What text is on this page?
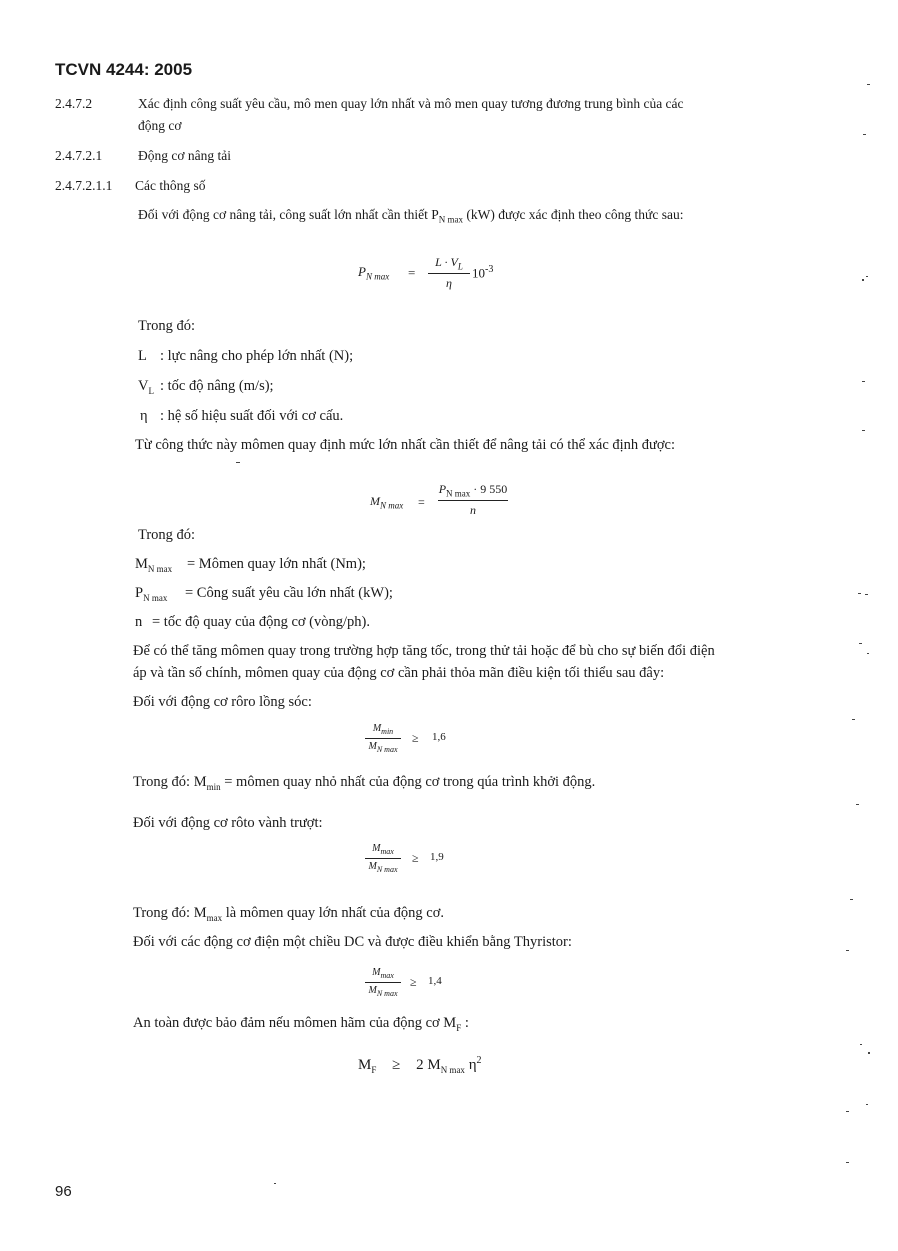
TCVN 4244: 2005
2.4.7.2	Xác định công suất yêu cầu, mô men quay lớn nhất và mô men quay tương đương trung bình của các
động cơ
2.4.7.2.1	Động cơ nâng tải
2.4.7.2.1.1 Các thông số
Đối với động cơ nâng tải, công suất lớn nhất cần thiết $P_{N max}$ (kW) được xác định theo công thức sau:
$P_{N max}$ =
$L \cdot V_L$
η
$10^{-3}$
Trong đó:
L : lực nâng cho phép lớn nhất (N);
$V_L$ : tốc độ nâng (m/s);
η : hệ số hiệu suất đối với cơ cấu.
Từ công thức này mômen quay định mức lớn nhất cần thiết để nâng tải có thể xác định được:
$M_{N max}$ =
$P_{N max} \cdot 9$ 550
n
Trong đó:
$M_{N max}$ = Mômen quay lớn nhất (Nm);
$P_{N max}$ = Công suất yêu cầu lớn nhất (kW);
n = tốc độ quay của động cơ (vòng/ph).
Để có thể tăng mômen quay trong trường hợp tăng tốc, trong thử tải hoặc để bù cho sự biến đổi điện
áp và tần số chính, mômen quay của động cơ cần phải thỏa mãn điều kiện tối thiểu sau đây:
Đối với động cơ rôro lồng sóc:
$M_{min}$
$M_{N max}$
≥ 1,6
Trong đó: $M_{min}$ = mômen quay nhỏ nhất của động cơ trong qúa trình khởi động.
Đối với động cơ rôto vành trượt:
$M_{max}$
$M_{N max}$
≥ 1,9
Trong đó: $M_{max}$ là mômen quay lớn nhất của động cơ.
Đối với các động cơ điện một chiều DC và được điều khiển bằng Thyristor:
$M_{max}$
$M_{N max}$
≥ 1,4
An toàn được bảo đảm nếu mômen hãm của động cơ $M_F$ :
$M_F \ge 2$ $M_{N max}$ $\eta^2$
96
